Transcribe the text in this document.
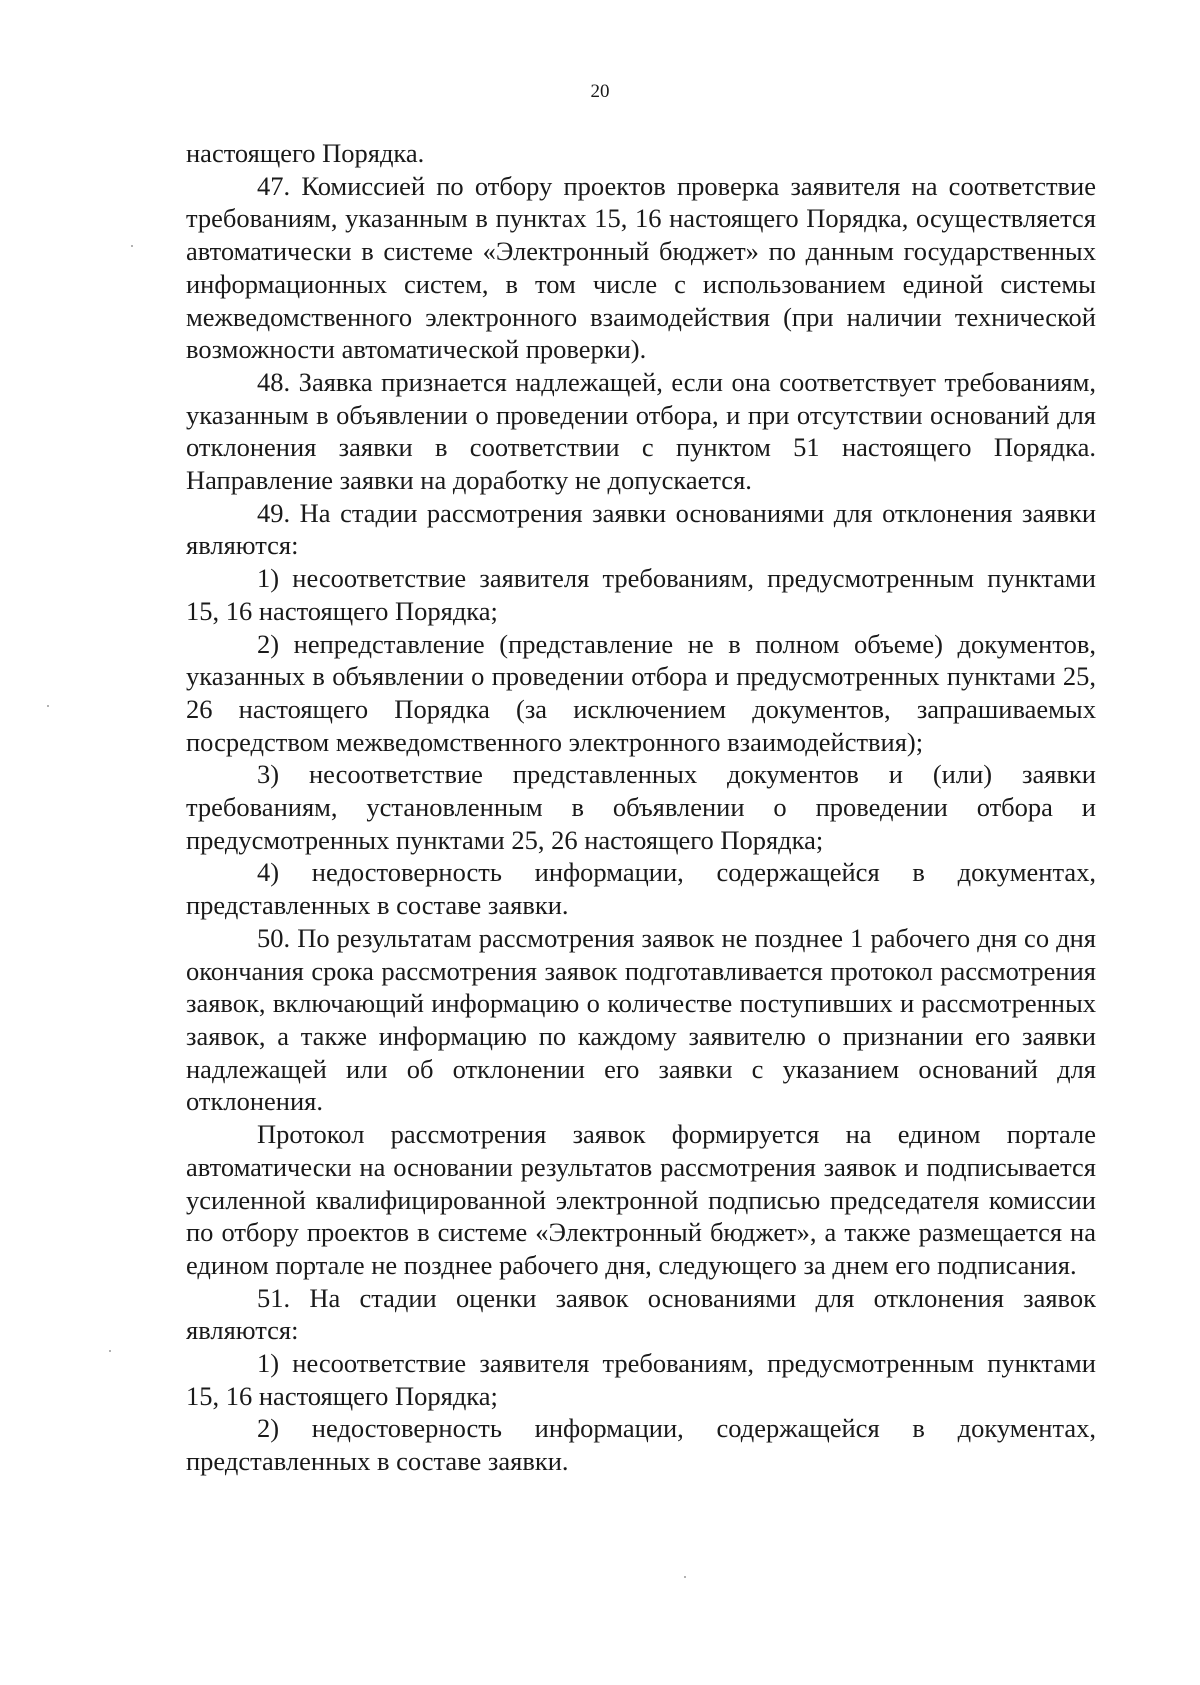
20

настоящего Порядка.

47. Комиссией по отбору проектов проверка заявителя на соответствие требованиям, указанным в пунктах 15, 16 настоящего Порядка, осуществляется автоматически в системе «Электронный бюджет» по данным государственных информационных систем, в том числе с использованием единой системы межведомственного электронного взаимодействия (при наличии технической возможности автоматической проверки).

48. Заявка признается надлежащей, если она соответствует требованиям, указанным в объявлении о проведении отбора, и при отсутствии оснований для отклонения заявки в соответствии с пунктом 51 настоящего Порядка. Направление заявки на доработку не допускается.

49. На стадии рассмотрения заявки основаниями для отклонения заявки являются:

1) несоответствие заявителя требованиям, предусмотренным пунктами 15, 16 настоящего Порядка;

2) непредставление (представление не в полном объеме) документов, указанных в объявлении о проведении отбора и предусмотренных пунктами 25, 26 настоящего Порядка (за исключением документов, запрашиваемых посредством межведомственного электронного взаимодействия);

3) несоответствие представленных документов и (или) заявки требованиям, установленным в объявлении о проведении отбора и предусмотренных пунктами 25, 26 настоящего Порядка;

4) недостоверность информации, содержащейся в документах, представленных в составе заявки.

50. По результатам рассмотрения заявок не позднее 1 рабочего дня со дня окончания срока рассмотрения заявок подготавливается протокол рассмотрения заявок, включающий информацию о количестве поступивших и рассмотренных заявок, а также информацию по каждому заявителю о признании его заявки надлежащей или об отклонении его заявки с указанием оснований для отклонения.

Протокол рассмотрения заявок формируется на едином портале автоматически на основании результатов рассмотрения заявок и подписывается усиленной квалифицированной электронной подписью председателя комиссии по отбору проектов в системе «Электронный бюджет», а также размещается на едином портале не позднее рабочего дня, следующего за днем его подписания.

51. На стадии оценки заявок основаниями для отклонения заявок являются:

1) несоответствие заявителя требованиям, предусмотренным пунктами 15, 16 настоящего Порядка;

2) недостоверность информации, содержащейся в документах, представленных в составе заявки.
